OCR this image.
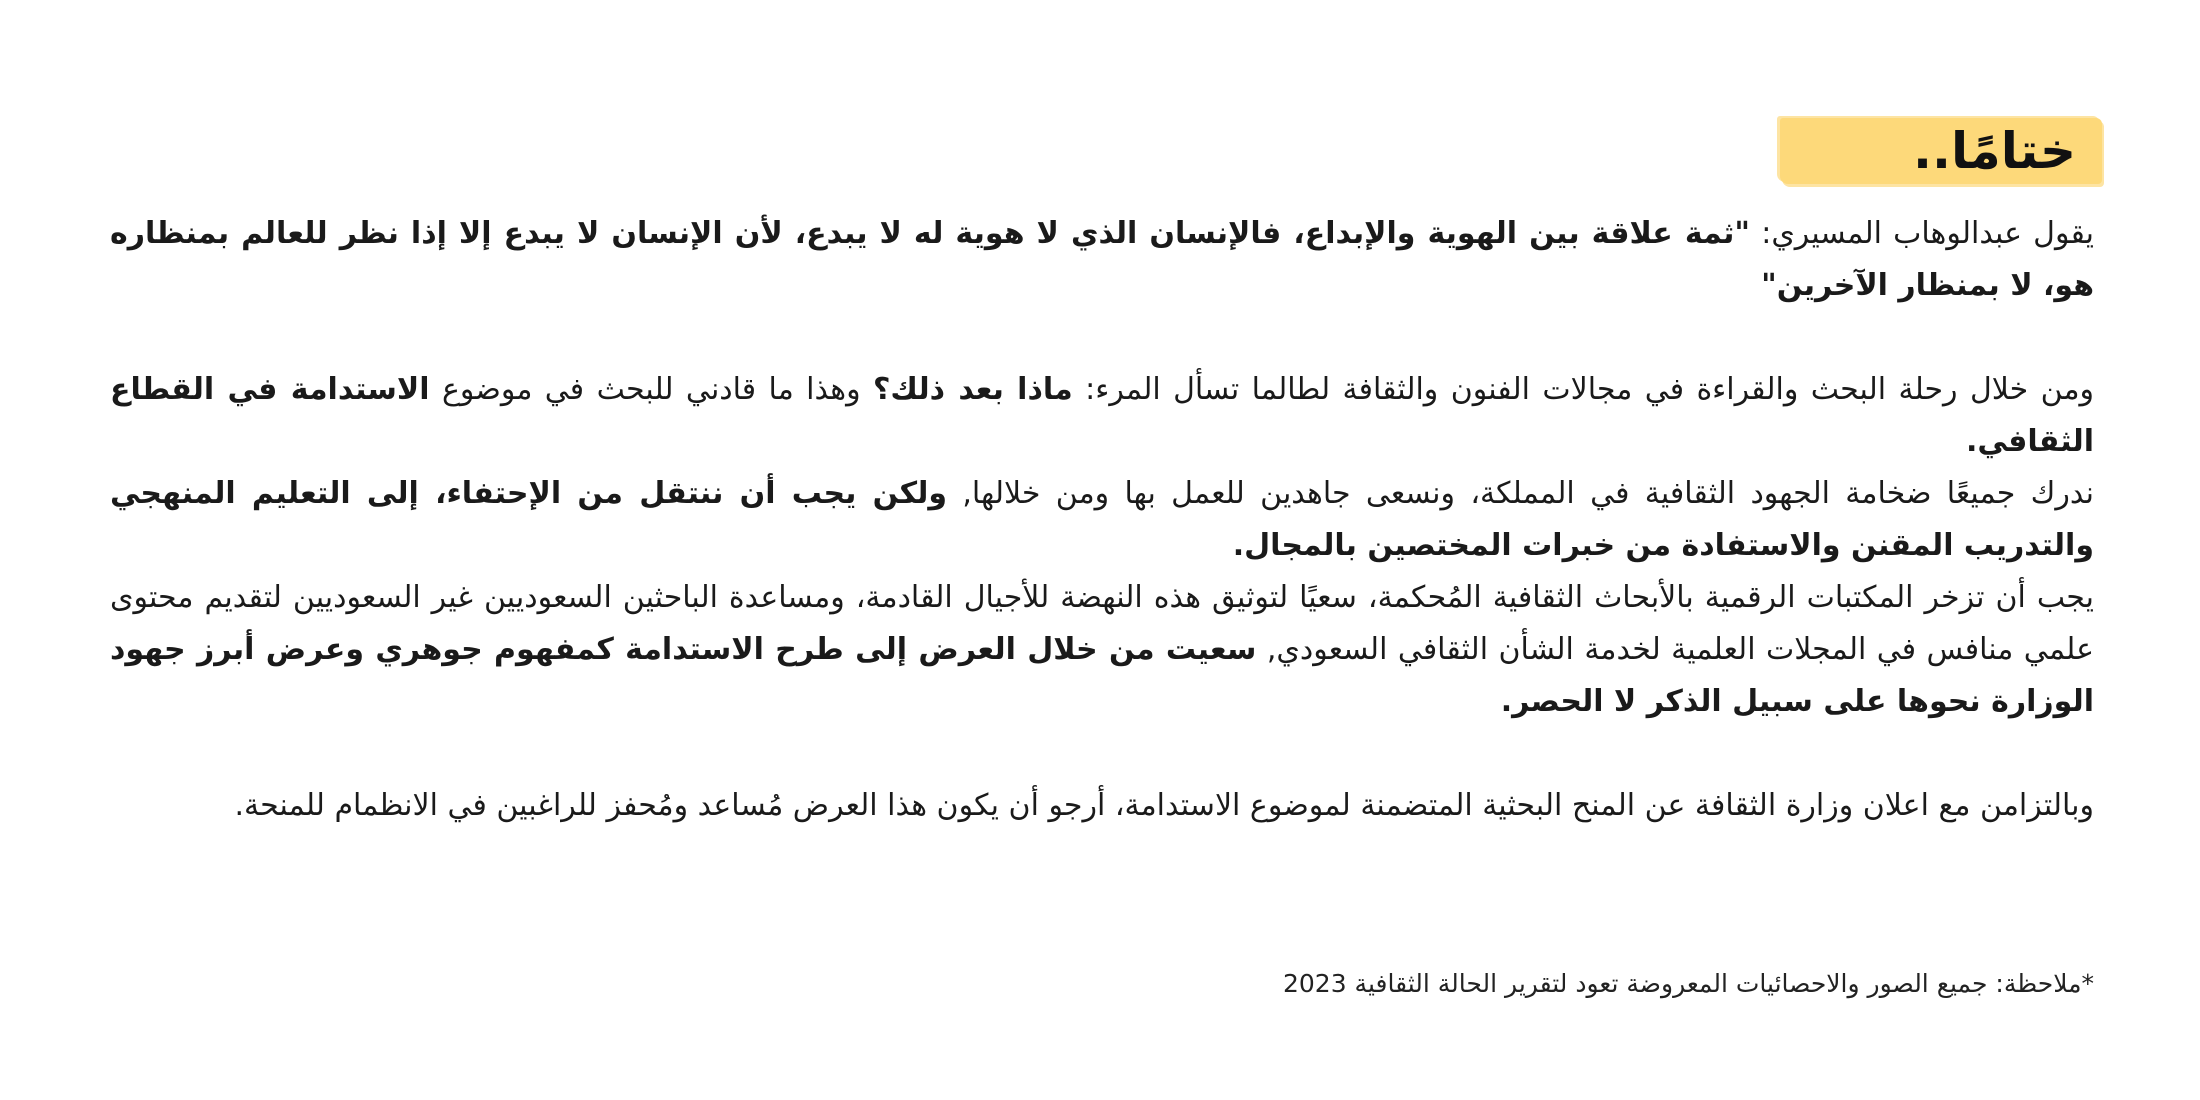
ختامًا..

يقول عبدالوهاب المسيري: "ثمة علاقة بين الهوية والإبداع، فالإنسان الذي لا هوية له لا يبدع، لأن الإنسان لا يبدع إلا إذا نظر للعالم بمنظاره هو، لا بمنظار الآخرين"

ومن خلال رحلة البحث والقراءة في مجالات الفنون والثقافة لطالما تسأل المرء: ماذا بعد ذلك؟ وهذا ما قادني للبحث في موضوع الاستدامة في القطاع الثقافي.

ندرك جميعًا ضخامة الجهود الثقافية في المملكة، ونسعى جاهدين للعمل بها ومن خلالها, ولكن يجب أن ننتقل من الإحتفاء، إلى التعليم المنهجي والتدريب المقنن والاستفادة من خبرات المختصين بالمجال.

يجب أن تزخر المكتبات الرقمية بالأبحاث الثقافية المُحكمة، سعيًا لتوثيق هذه النهضة للأجيال القادمة، ومساعدة الباحثين السعوديين غير السعوديين لتقديم محتوى علمي منافس في المجلات العلمية لخدمة الشأن الثقافي السعودي, سعيت من خلال العرض إلى طرح الاستدامة كمفهوم جوهري وعرض أبرز جهود الوزارة نحوها على سبيل الذكر لا الحصر.

وبالتزامن مع اعلان وزارة الثقافة عن المنح البحثية المتضمنة لموضوع الاستدامة، أرجو أن يكون هذا العرض مُساعد ومُحفز للراغبين في الانظمام للمنحة.

*ملاحظة: جميع الصور والاحصائيات المعروضة تعود لتقرير الحالة الثقافية 2023
